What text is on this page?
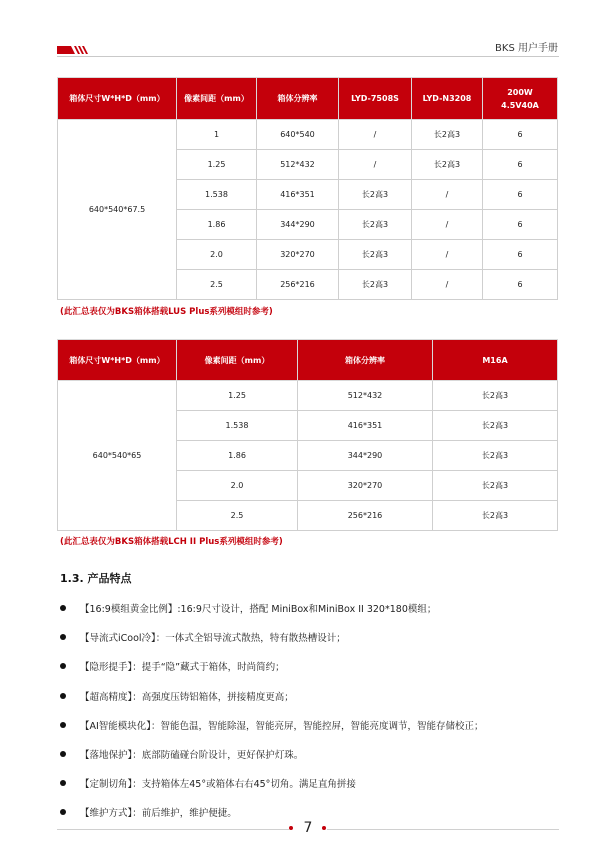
BKS 用户手册
箱体尺寸W*H*D（mm）	像素间距（mm）	箱体分辨率	LYD-7508S	LYD-N3208	200W
4.5V40A
640*540*67.5	1	640*540	/	长2高3	6
	1.25	512*432	/	长2高3	6
	1.538	416*351	长2高3	/	6
	1.86	344*290	长2高3	/	6
	2.0	320*270	长2高3	/	6
	2.5	256*216	长2高3	/	6
(此汇总表仅为BKS箱体搭载LUS Plus系列模组时参考)
箱体尺寸W*H*D（mm）	像素间距（mm）	箱体分辨率	M16A
640*540*65	1.25	512*432	长2高3
	1.538	416*351	长2高3
	1.86	344*290	长2高3
	2.0	320*270	长2高3
	2.5	256*216	长2高3
(此汇总表仅为BKS箱体搭载LCH II Plus系列模组时参考)
1.3. 产品特点
【16:9模组黄金比例】:16:9尺寸设计，搭配 MiniBox和MiniBox II 320*180模组；
【导流式iCool冷】：一体式全铝导流式散热，特有散热槽设计；
【隐形提手】：提手“隐”藏式于箱体，时尚简约；
【超高精度】：高强度压铸铝箱体，拼接精度更高；
【AI智能模块化】：智能色温，智能除湿，智能亮屏，智能控屏，智能亮度调节，智能存储校正；
【落地保护】：底部防磕碰台阶设计，更好保护灯珠。
【定制切角】：支持箱体左45°或箱体右右45°切角。满足直角拼接
【维护方式】：前后维护，维护便捷。
7
